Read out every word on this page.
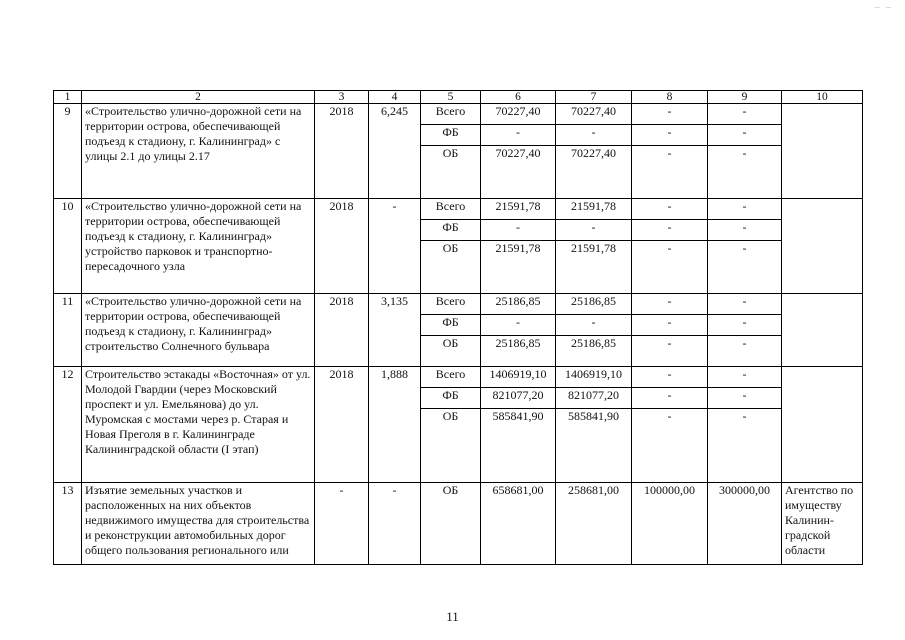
– –
1	2	3	4	5	6	7	8	9	10
9	«Строительство улично-дорожной сети на территории острова, обеспечивающей подъезд к стадиону, г. Калининград» с улицы 2.1 до улицы 2.17	2018	6,245	Всего	70227,40	70227,40	-	-	
				ФБ	-	-	-	-	
				ОБ	70227,40	70227,40	-	-	
10	«Строительство улично-дорожной сети на территории острова, обеспечивающей подъезд к стадиону, г. Калининград» устройство парковок и транспортно-пересадочного узла	2018	-	Всего	21591,78	21591,78	-	-	
				ФБ	-	-	-	-	
				ОБ	21591,78	21591,78	-	-	
11	«Строительство улично-дорожной сети на территории острова, обеспечивающей подъезд к стадиону, г. Калининград» строительство Солнечного бульвара	2018	3,135	Всего	25186,85	25186,85	-	-	
				ФБ	-	-	-	-	
				ОБ	25186,85	25186,85	-	-	
12	Строительство эстакады «Восточная» от ул. Молодой Гвардии (через Московский проспект и ул. Емельянова) до ул. Муромская с мостами через р. Старая и Новая Преголя в г. Калининграде Калининградской области (I этап)	2018	1,888	Всего	1406919,10	1406919,10	-	-	
				ФБ	821077,20	821077,20	-	-	
				ОБ	585841,90	585841,90	-	-	
13	Изъятие земельных участков и расположенных на них объектов недвижимого имущества для строительства и реконструкции автомобильных дорог общего пользования регионального или	-	-	ОБ	658681,00	258681,00	100000,00	300000,00	Агентство по имуществу Калинин-градской области
11
